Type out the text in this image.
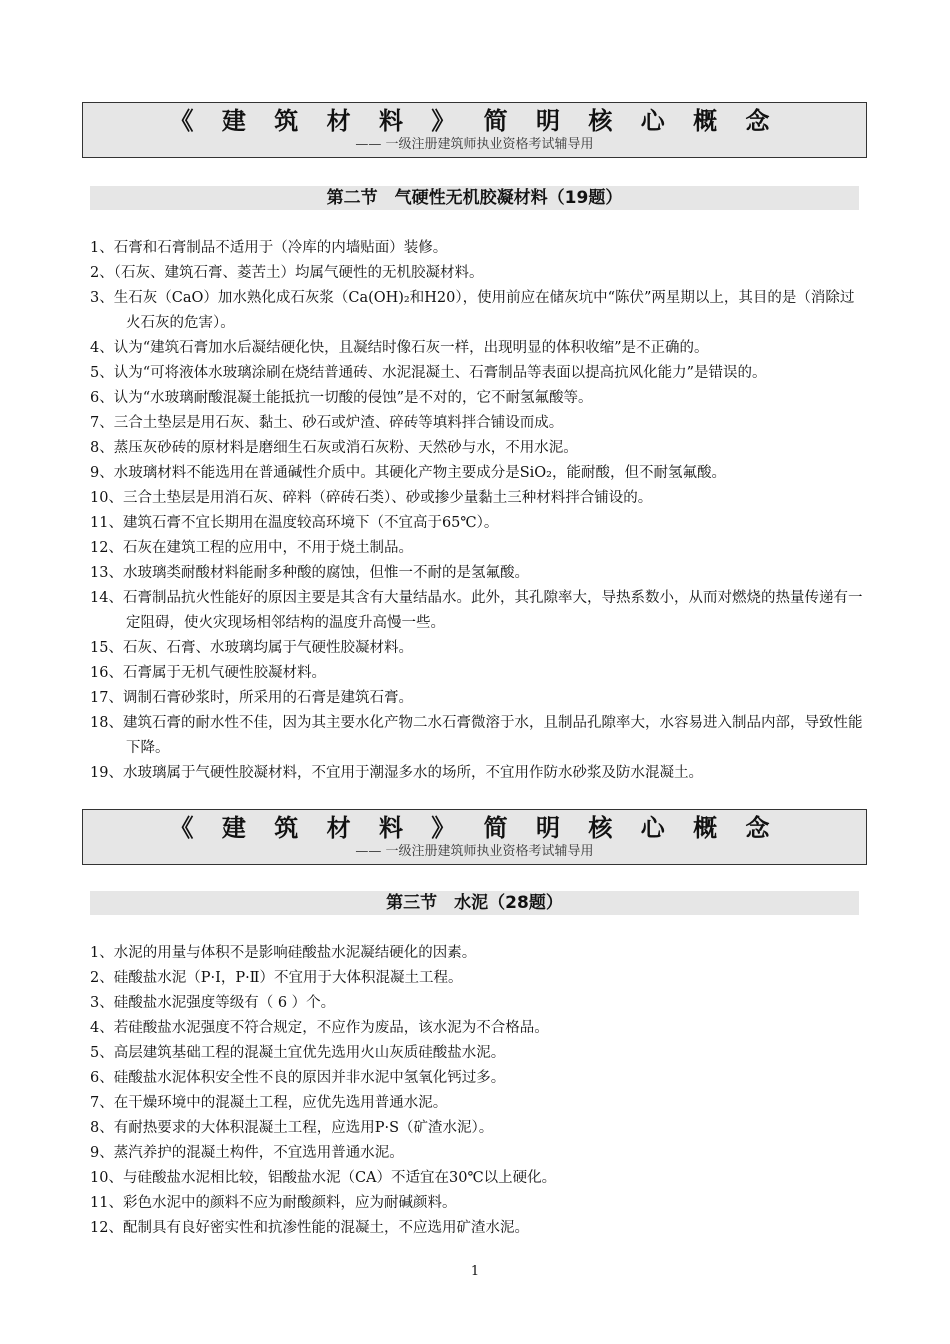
《 建 筑 材 料 》 简 明 核 心 概 念
—— 一级注册建筑师执业资格考试辅导用
第二节　气硬性无机胶凝材料（19题）
1、石膏和石膏制品不适用于（冷库的内墙贴面）装修。
2、（石灰、建筑石膏、菱苦土）均属气硬性的无机胶凝材料。
3、生石灰（CaO）加水熟化成石灰浆（Ca(OH)₂和H20），使用前应在储灰坑中“陈伏”两星期以上，其目的是（消除过火石灰的危害）。
4、认为“建筑石膏加水后凝结硬化快，且凝结时像石灰一样，出现明显的体积收缩”是不正确的。
5、认为“可将液体水玻璃涂刷在烧结普通砖、水泥混凝土、石膏制品等表面以提高抗风化能力”是错误的。
6、认为“水玻璃耐酸混凝土能抵抗一切酸的侵蚀”是不对的，它不耐氢氟酸等。
7、三合土垫层是用石灰、黏土、砂石或炉渣、碎砖等填料拌合铺设而成。
8、蒸压灰砂砖的原材料是磨细生石灰或消石灰粉、天然砂与水，不用水泥。
9、水玻璃材料不能选用在普通碱性介质中。其硬化产物主要成分是SiO₂，能耐酸，但不耐氢氟酸。
10、三合土垫层是用消石灰、碎料（碎砖石类）、砂或掺少量黏土三种材料拌合铺设的。
11、建筑石膏不宜长期用在温度较高环境下（不宜高于65℃）。
12、石灰在建筑工程的应用中，不用于烧土制品。
13、水玻璃类耐酸材料能耐多种酸的腐蚀，但惟一不耐的是氢氟酸。
14、石膏制品抗火性能好的原因主要是其含有大量结晶水。此外，其孔隙率大，导热系数小，从而对燃烧的热量传递有一定阻碍，使火灾现场相邻结构的温度升高慢一些。
15、石灰、石膏、水玻璃均属于气硬性胶凝材料。
16、石膏属于无机气硬性胶凝材料。
17、调制石膏砂浆时，所采用的石膏是建筑石膏。
18、建筑石膏的耐水性不佳，因为其主要水化产物二水石膏微溶于水，且制品孔隙率大，水容易进入制品内部，导致性能下降。
19、水玻璃属于气硬性胶凝材料，不宜用于潮湿多水的场所，不宜用作防水砂浆及防水混凝土。
《 建 筑 材 料 》 简 明 核 心 概 念
—— 一级注册建筑师执业资格考试辅导用
第三节　水泥（28题）
1、水泥的用量与体积不是影响硅酸盐水泥凝结硬化的因素。
2、硅酸盐水泥（P·Ⅰ，P·Ⅱ）不宜用于大体积混凝土工程。
3、硅酸盐水泥强度等级有（ 6 ）个。
4、若硅酸盐水泥强度不符合规定，不应作为废品，该水泥为不合格品。
5、高层建筑基础工程的混凝土宜优先选用火山灰质硅酸盐水泥。
6、硅酸盐水泥体积安全性不良的原因并非水泥中氢氧化钙过多。
7、在干燥环境中的混凝土工程，应优先选用普通水泥。
8、有耐热要求的大体积混凝土工程，应选用P·S（矿渣水泥）。
9、蒸汽养护的混凝土构件，不宜选用普通水泥。
10、与硅酸盐水泥相比较，铝酸盐水泥（CA）不适宜在30℃以上硬化。
11、彩色水泥中的颜料不应为耐酸颜料，应为耐碱颜料。
12、配制具有良好密实性和抗渗性能的混凝土，不应选用矿渣水泥。
1
